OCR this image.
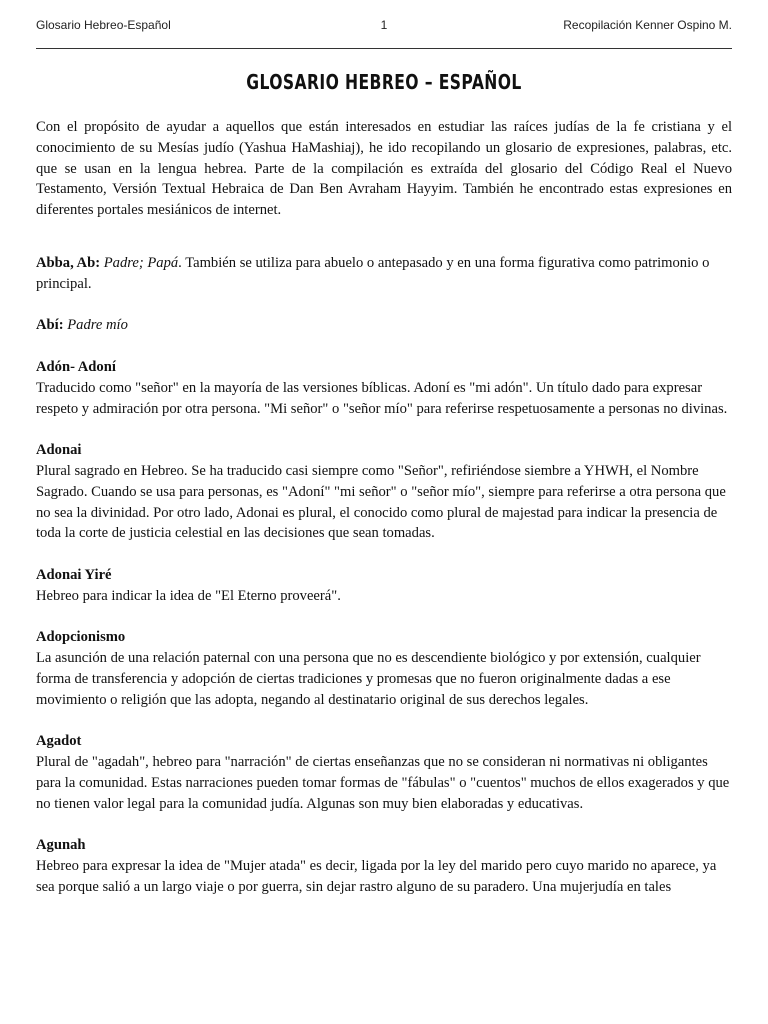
Glosario Hebreo-Español	1	Recopilación Kenner Ospino M.
GLOSARIO HEBREO – ESPAÑOL

Con el propósito de ayudar a aquellos que están interesados en estudiar las raíces judías de la fe cristiana y el conocimiento de su Mesías judío (Yashua HaMashiaj), he ido recopilando un glosario de expresiones, palabras, etc. que se usan en la lengua hebrea. Parte de la compilación es extraída del glosario del Código Real el Nuevo Testamento, Versión Textual Hebraica de Dan Ben Avraham Hayyim. También he encontrado estas expresiones en diferentes portales mesiánicos de internet.

Abba, Ab: Padre; Papá. También se utiliza para abuelo o antepasado y en una forma figurativa como patrimonio o principal.
Abí: Padre mío
Adón- Adoní
Traducido como "señor" en la mayoría de las versiones bíblicas. Adoní es "mi adón". Un título dado para expresar respeto y admiración por otra persona. "Mi señor" o "señor mío" para referirse respetuosamente a personas no divinas.
Adonai
Plural sagrado en Hebreo. Se ha traducido casi siempre como "Señor", refiriéndose siembre a YHWH, el Nombre Sagrado. Cuando se usa para personas, es "Adoní" "mi señor" o "señor mío", siempre para referirse a otra persona que no sea la divinidad. Por otro lado, Adonai es plural, el conocido como plural de majestad para indicar la presencia de toda la corte de justicia celestial en las decisiones que sean tomadas.
Adonai Yiré
Hebreo para indicar la idea de "El Eterno proveerá".
Adopcionismo
La asunción de una relación paternal con una persona que no es descendiente biológico y por extensión, cualquier forma de transferencia y adopción de ciertas tradiciones y promesas que no fueron originalmente dadas a ese movimiento o religión que las adopta, negando al destinatario original de sus derechos legales.
Agadot
Plural de "agadah", hebreo para "narración" de ciertas enseñanzas que no se consideran ni normativas ni obligantes para la comunidad. Estas narraciones pueden tomar formas de "fábulas" o "cuentos" muchos de ellos exagerados y que no tienen valor legal para la comunidad judía. Algunas son muy bien elaboradas y educativas.
Agunah
Hebreo para expresar la idea de "Mujer atada" es decir, ligada por la ley del marido pero cuyo marido no aparece, ya sea porque salió a un largo viaje o por guerra, sin dejar rastro alguno de su paradero. Una mujerjudía en tales
